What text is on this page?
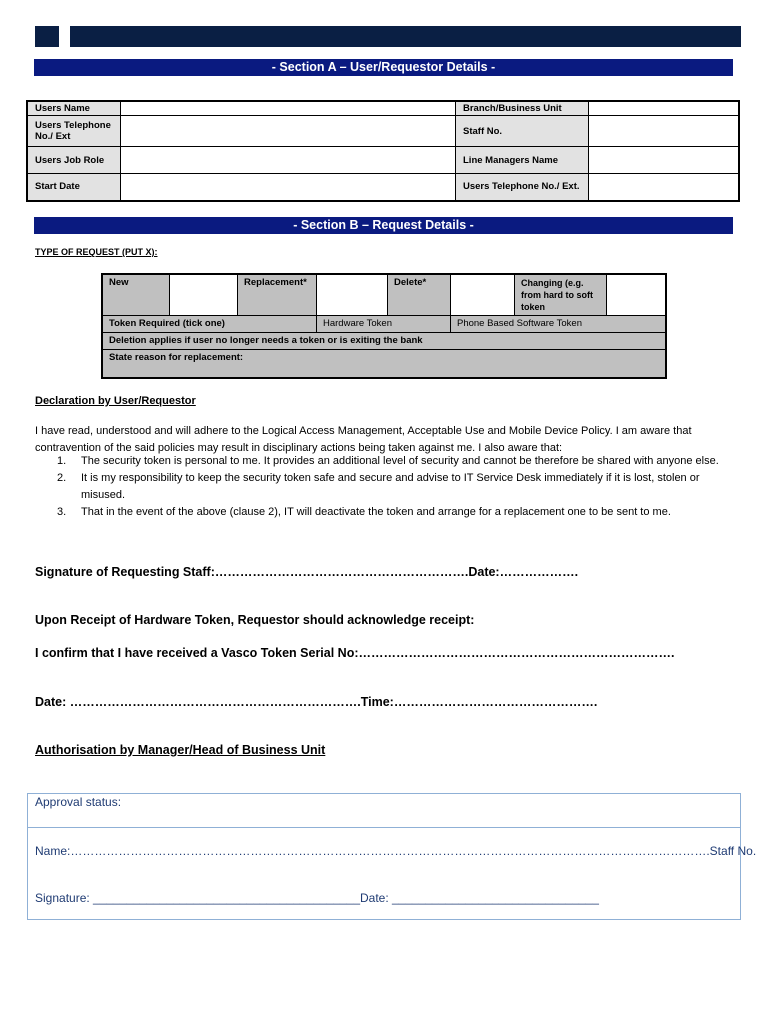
- Section A – User/Requestor Details -
Users Name		Branch/Business Unit	
Users Telephone No./ Ext		Staff No.	
Users Job Role		Line Managers Name	
Start Date		Users Telephone No./ Ext.	
- Section B – Request Details -
TYPE OF REQUEST (PUT X):
New		Replacement*		Delete*		Changing (e.g. from hard to soft token	

Token Required (tick one)			Hardware Token		Phone Based Software Token		
Deletion applies if user no longer needs a token or is exiting the bank							
State reason for replacement:							
Declaration by User/Requestor
I have read, understood and will adhere to the Logical Access Management, Acceptable Use and Mobile Device Policy. I am aware that contravention of the said policies may result in disciplinary actions being taken against me. I also aware that:
1.	The security token is personal to me. It provides an additional level of security and cannot be therefore be shared with anyone else.
2.	It is my responsibility to keep the security token safe and secure and advise to IT Service Desk immediately if it is lost, stolen or misused.
3.	That in the event of the above (clause 2), IT will deactivate the token and arrange for a replacement one to be sent to me.
Signature of Requesting Staff:…………………………………………………….Date:……………….
Upon Receipt of Hardware Token, Requestor should acknowledge receipt:
I confirm that I have received a Vasco Token Serial No:………………………………………………………………….
Date: …………………………………………………………….Time:………………………………………….
Authorisation by Manager/Head of Business Unit
Approval status:
Name:…………………………………………………………………………………………………………………………………………….Staff No.
Signature: ________________________________________Date: _______________________________
